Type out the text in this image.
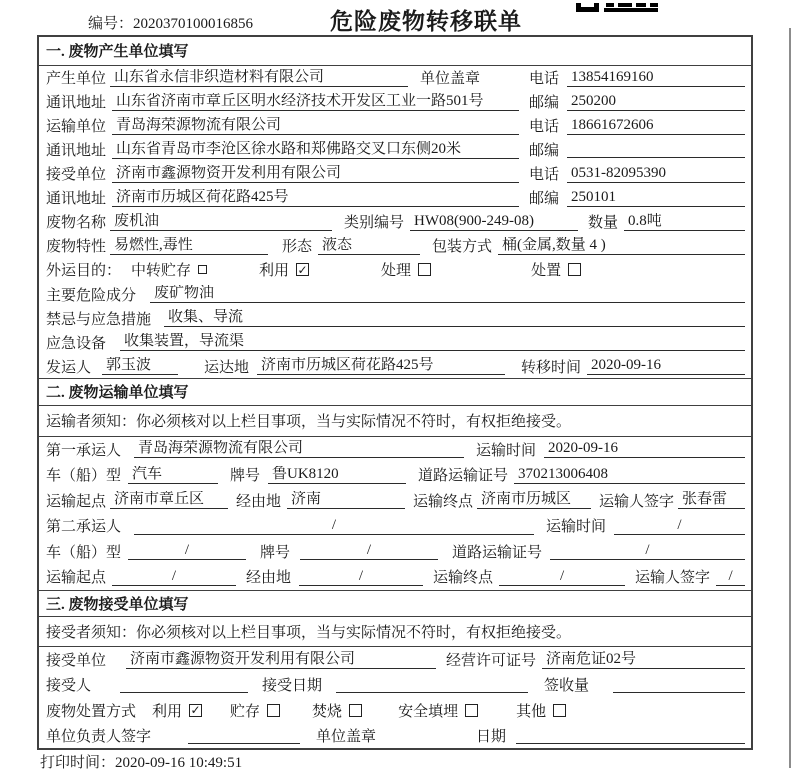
编号：2020370100016856	危险废物转移联单
一. 废物产生单位填写
产生单位 山东省永信非织造材料有限公司	单位盖章	电话 13854169160
通讯地址 山东省济南市章丘区明水经济技术开发区工业一路501号	邮编 250200
运输单位 青岛海荣源物流有限公司	电话 18661672606
通讯地址 山东省青岛市李沧区徐水路和郑佛路交叉口东侧20米	邮编
接受单位 济南市鑫源物资开发利用有限公司	电话 0531-82095390
通讯地址 济南市历城区荷花路425号	邮编 250101
废物名称 废机油	类别编号 HW08(900-249-08)	数量 0.8吨
废物特性 易燃性,毒性	形态 液态	包装方式 桶(金属,数量 4 )
外运目的： 中转贮存	利用 ✓	处理	处置
主要危险成分	废矿物油
禁忌与应急措施	收集、导流
应急设备 收集装置，导流渠
发运人 郭玉波	运达地 济南市历城区荷花路425号	转移时间 2020-09-16
二. 废物运输单位填写
运输者须知：你必须核对以上栏目事项，当与实际情况不符时，有权拒绝接受。
第一承运人	青岛海荣源物流有限公司	运输时间 2020-09-16
车（船）型 汽车	牌号 鲁UK8120	道路运输证号 370213006408
运输起点 济南市章丘区	经由地 济南	运输终点 济南市历城区	运输人签字 张春雷
第二承运人	/	运输时间	/
车（船）型	/	牌号	/	道路运输证号	/
运输起点	/	经由地	/	运输终点	/	运输人签字	/
三. 废物接受单位填写
接受者须知：你必须核对以上栏目事项，当与实际情况不符时，有权拒绝接受。
接受单位 济南市鑫源物资开发利用有限公司	经营许可证号 济南危证02号
接受人	接受日期	签收量
废物处置方式 利用 ✓ 贮存	焚烧	安全填埋	其他
单位负责人签字	单位盖章	日期
打印时间：2020-09-16 10:49:51
